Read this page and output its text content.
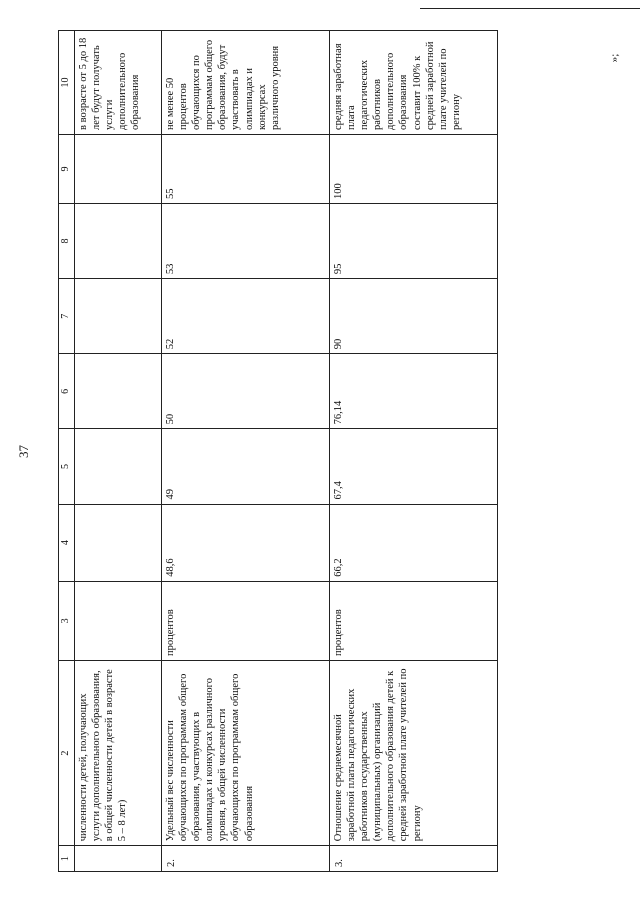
37
1	2	3	4	5	6	7	8	9	10
	численности детей, получающих услуги дополнительного образования, в общей численности детей в возрасте 5 – 8 лет)								в возрасте от 5 до 18 лет будут получать услуги дополнительного образования
2.	Удельный вес численности обучающихся по программам общего образования, участвующих в олимпиадах и конкурсах различного уровня, в общей численности обучающихся по программам общего образования	процентов	48,6	49	50	52	53	55	не менее 50 процентов обучающихся по программам общего образования, будут участвовать в олимпиадах и конкурсах различного уровня
3.	Отношение среднемесячной заработной платы педагогических работников государственных (муниципальных) организаций дополнительного образования детей к средней заработной плате учителей по региону	процентов	66,2	67,4	76,14	90	95	100	средняя заработная плата педагогических работников дополнительного образования составит 100% к средней заработной плате учителей по региону
»;
